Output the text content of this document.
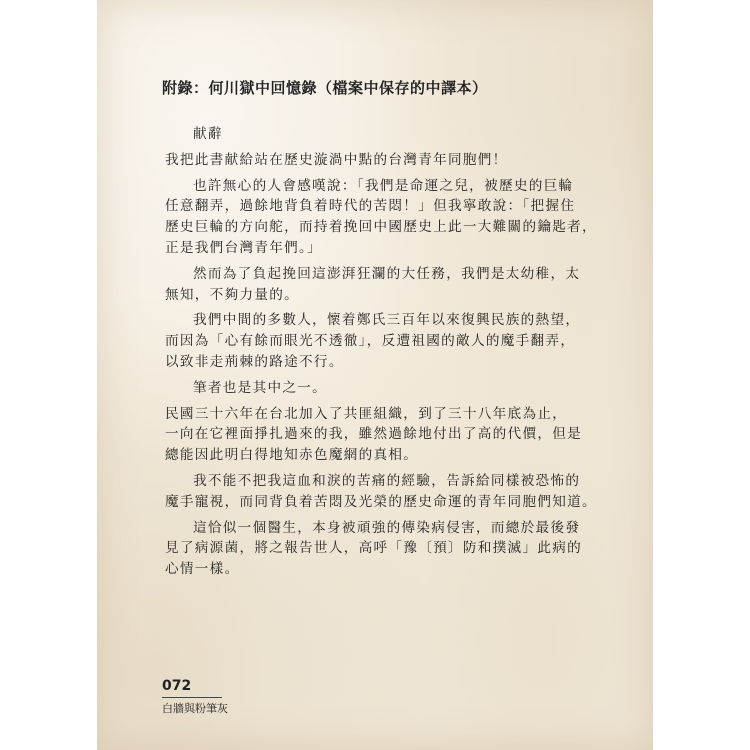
附錄：何川獄中回憶錄（檔案中保存的中譯本）

献辭

我把此書献給站在歷史漩渦中點的台灣青年同胞們！

也許無心的人會感嘆說：「我們是命運之兒，被歷史的巨輪
任意翻弄，過餘地背負着時代的苦悶！」但我寧敢說：「把握住
歷史巨輪的方向舵，而持着挽回中國歷史上此一大難關的鑰匙者，
正是我們台灣青年們。」

然而為了負起挽回這澎湃狂瀾的大任務，我們是太幼稚，太
無知，不夠力量的。

我們中間的多數人，懷着鄭氏三百年以來復興民族的熱望，
而因為「心有餘而眼光不透徹」，反遭祖國的敵人的魔手翻弄，
以致非走荊棘的路途不行。

筆者也是其中之一。

民國三十六年在台北加入了共匪組織，到了三十八年底為止，
一向在它裡面掙扎過來的我，雖然過餘地付出了高的代價，但是
總能因此明白得地知赤色魔網的真相。

我不能不把我這血和淚的苦痛的經驗，告訴給同樣被恐怖的
魔手寵視，而同背負着苦悶及光榮的歷史命運的青年同胞們知道。

這恰似一個醫生，本身被頑強的傳染病侵害，而總於最後發
見了病源菌，將之報告世人，高呼「豫〔預〕防和撲滅」此病的
心情一樣。

072
白牆與粉筆灰
